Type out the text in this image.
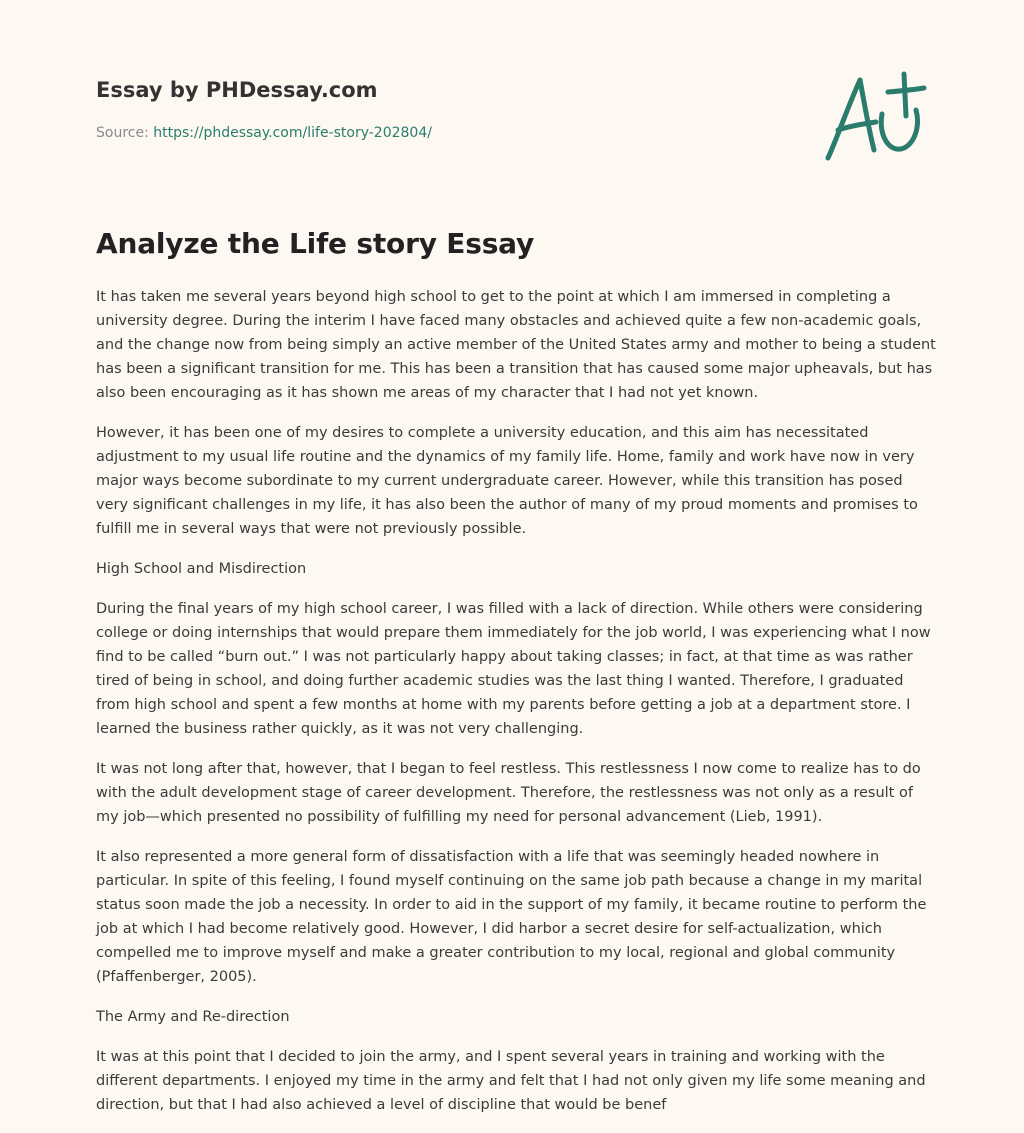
Essay by PHDessay.com

Source: https://phdessay.com/life-story-202804/

Analyze the Life story Essay

It has taken me several years beyond high school to get to the point at which I am immersed in completing a university degree. During the interim I have faced many obstacles and achieved quite a few non-academic goals, and the change now from being simply an active member of the United States army and mother to being a student has been a significant transition for me. This has been a transition that has caused some major upheavals, but has also been encouraging as it has shown me areas of my character that I had not yet known.

However, it has been one of my desires to complete a university education, and this aim has necessitated adjustment to my usual life routine and the dynamics of my family life. Home, family and work have now in very major ways become subordinate to my current undergraduate career. However, while this transition has posed very significant challenges in my life, it has also been the author of many of my proud moments and promises to fulfill me in several ways that were not previously possible.

High School and Misdirection

During the final years of my high school career, I was filled with a lack of direction. While others were considering college or doing internships that would prepare them immediately for the job world, I was experiencing what I now find to be called “burn out.” I was not particularly happy about taking classes; in fact, at that time as was rather tired of being in school, and doing further academic studies was the last thing I wanted. Therefore, I graduated from high school and spent a few months at home with my parents before getting a job at a department store. I learned the business rather quickly, as it was not very challenging.

It was not long after that, however, that I began to feel restless. This restlessness I now come to realize has to do with the adult development stage of career development. Therefore, the restlessness was not only as a result of my job—which presented no possibility of fulfilling my need for personal advancement (Lieb, 1991).

It also represented a more general form of dissatisfaction with a life that was seemingly headed nowhere in particular. In spite of this feeling, I found myself continuing on the same job path because a change in my marital status soon made the job a necessity. In order to aid in the support of my family, it became routine to perform the job at which I had become relatively good. However, I did harbor a secret desire for self-actualization, which compelled me to improve myself and make a greater contribution to my local, regional and global community (Pfaffenberger, 2005).

The Army and Re-direction

It was at this point that I decided to join the army, and I spent several years in training and working with the different departments. I enjoyed my time in the army and felt that I had not only given my life some meaning and direction, but that I had also achieved a level of discipline that would be benef
